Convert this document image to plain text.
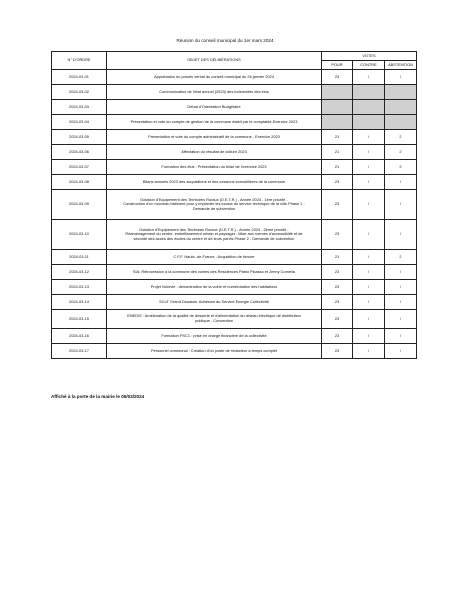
Réunion du conseil municipal du 1er mars 2024
N° D'ORDRE	OBJET DES DÉLIBÉRATIONS	VOTES		
		POUR	CONTRE	ABSTENTION
2024-03-01	Approbation du procès verbal du conseil municipal du 26 janvier 2024	23	/	/
2024-03-02	Communication de l'état annuel (2023) des indemnités des élus			

2024-03-03	Débat d'Orientation Budgétaire			

2024-03-04	Présentation et vote du compte de gestion de la commune établi par le comptable-Exercice 2023			

2024-03-05	Présentation et vote du compte administratif de la commune - Exercice 2023	21	/	2
2024-03-06	Affectation du résultat de clôture 2023	21	/	2
2024-03-07	Formation des élus : Présentation du bilan de l'exercice 2023	21	/	2
2024-03-08	Bilans annuels 2023 des acquisitions et des cessions immobilières de la commune	23	/	/
2024-03-09	Dotation d'Equipement des Territoires Ruraux (D.E.T.R.) - Année 2024 - 1ère priorité -
Construction d'un nouveau bâtiment pour y implanter les locaux du service technique de la ville-Phase 1 -
Demande de subvention	23	/	/
2024-03-10	Dotation d'Equipement des Territoires Ruraux (D.E.T.R.) - Année 2024 - 2ème priorité -
Réaménagement du centre, embellissement urbain et paysager : Mise aux normes d'accessibilité et de
sécurité des accès des écoles du centre et de leurs parvis Phase 2 - Demande de subvention	23	/	/
2024-03-11	C.F.F. Hauts -de-France : Acquisition de foncier	21	/	2
2024-03-12	SIA: Rétrocession à la commune des voiries des Résidences Pablo Picasso et Jenny Cornelia	23	/	/
2024-03-13	Projet Norevie : dénomination de la voirie et numérotation des habitations	23	/	/
2024-03-14	SCoT Grand Douaisis: Adhésion au Service Energie Collectivité	23	/	/
2024-03-15	ENEDIS : Amélioration de la qualité de desserte et d'alimentation du réseau électrique de distribution
publique - Convention	23	/	/
2024-03-16	Formation PSC1 : prise en charge financière de la collectivité	23	/	/
2024-03-17	Personnel communal : Création d'un poste de rédacteur à temps complet	23	/	/
Affiché à la porte de la mairie le 05/03/2024
